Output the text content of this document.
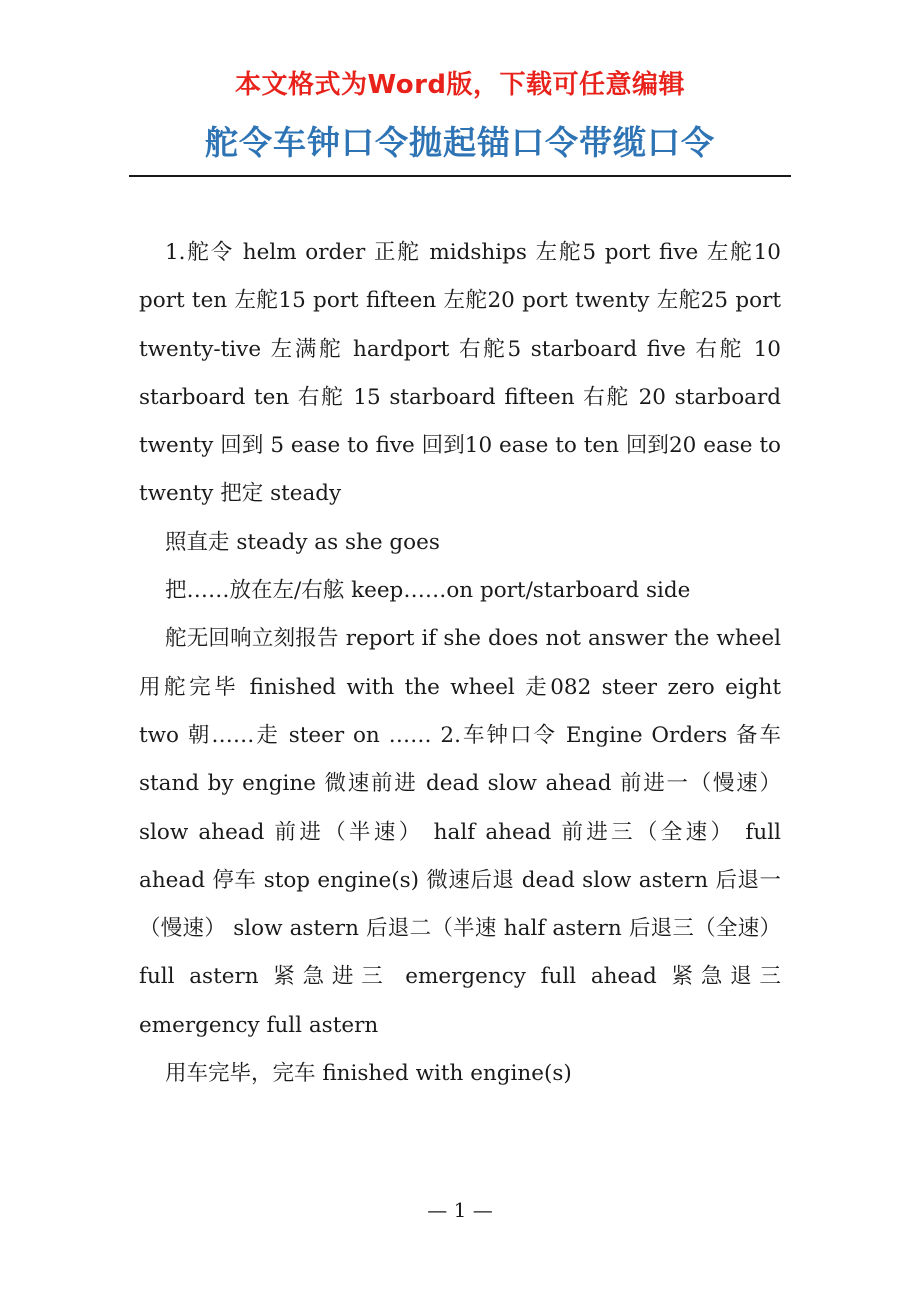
本文格式为Word版，下载可任意编辑
舵令车钟口令抛起锚口令带缆口令

1.舵令 helm order 正舵 midships 左舵5 port five 左舵10 port ten 左舵15 port fifteen 左舵20 port twenty 左舵25 port twenty-tive 左满舵 hardport 右舵5 starboard five 右舵 10 starboard ten 右舵 15 starboard fifteen 右舵 20 starboard twenty 回到 5 ease to five 回到10 ease to ten 回到20 ease to twenty 把定 steady

照直走 steady as she goes

把……放在左/右舷 keep……on port/starboard side

舵无回响立刻报告 report if she does not answer the wheel 用舵完毕 finished with the wheel 走082 steer zero eight two 朝……走 steer on …… 2.车钟口令 Engine Orders 备车 stand by engine 微速前进 dead slow ahead 前进一（慢速） slow ahead 前进（半速） half ahead 前进三（全速） full ahead 停车 stop engine(s) 微速后退 dead slow astern 后退一（慢速） slow astern 后退二（半速 half astern 后退三（全速）full astern 紧急进三 emergency full ahead 紧急退三 emergency full astern

用车完毕，完车 finished with engine(s)

— 1 —
